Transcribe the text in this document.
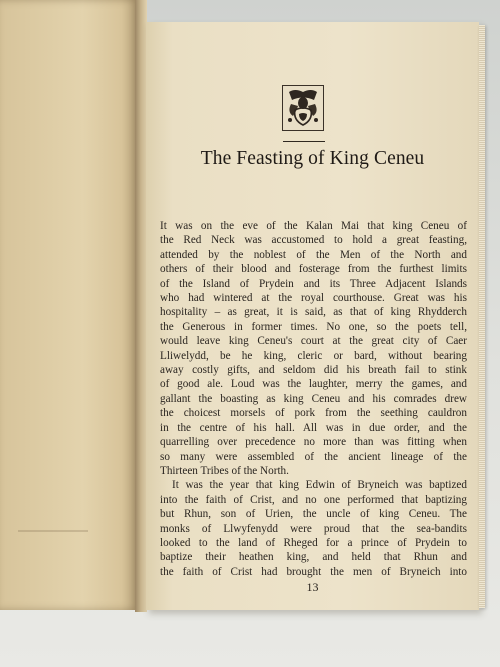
The Feasting of King Ceneu
It was on the eve of the Kalan Mai that king Ceneu of
the Red Neck was accustomed to hold a great feasting,
attended by the noblest of the Men of the North and
others of their blood and fosterage from the furthest limits
of the Island of Prydein and its Three Adjacent Islands
who had wintered at the royal courthouse. Great was his
hospitality – as great, it is said, as that of king Rhydderch
the Generous in former times. No one, so the poets tell,
would leave king Ceneu's court at the great city of Caer
Lliwelydd, be he king, cleric or bard, without bearing
away costly gifts, and seldom did his breath fail to stink
of good ale. Loud was the laughter, merry the games, and
gallant the boasting as king Ceneu and his comrades drew
the choicest morsels of pork from the seething cauldron
in the centre of his hall. All was in due order, and the
quarrelling over precedence no more than was fitting when
so many were assembled of the ancient lineage of the
Thirteen Tribes of the North.
It was the year that king Edwin of Bryneich was baptized
into the faith of Crist, and no one performed that baptizing
but Rhun, son of Urien, the uncle of king Ceneu. The
monks of Llwyfenydd were proud that the sea-bandits
looked to the land of Rheged for a prince of Prydein to
baptize their heathen king, and held that Rhun and
the faith of Crist had brought the men of Bryneich into
13
